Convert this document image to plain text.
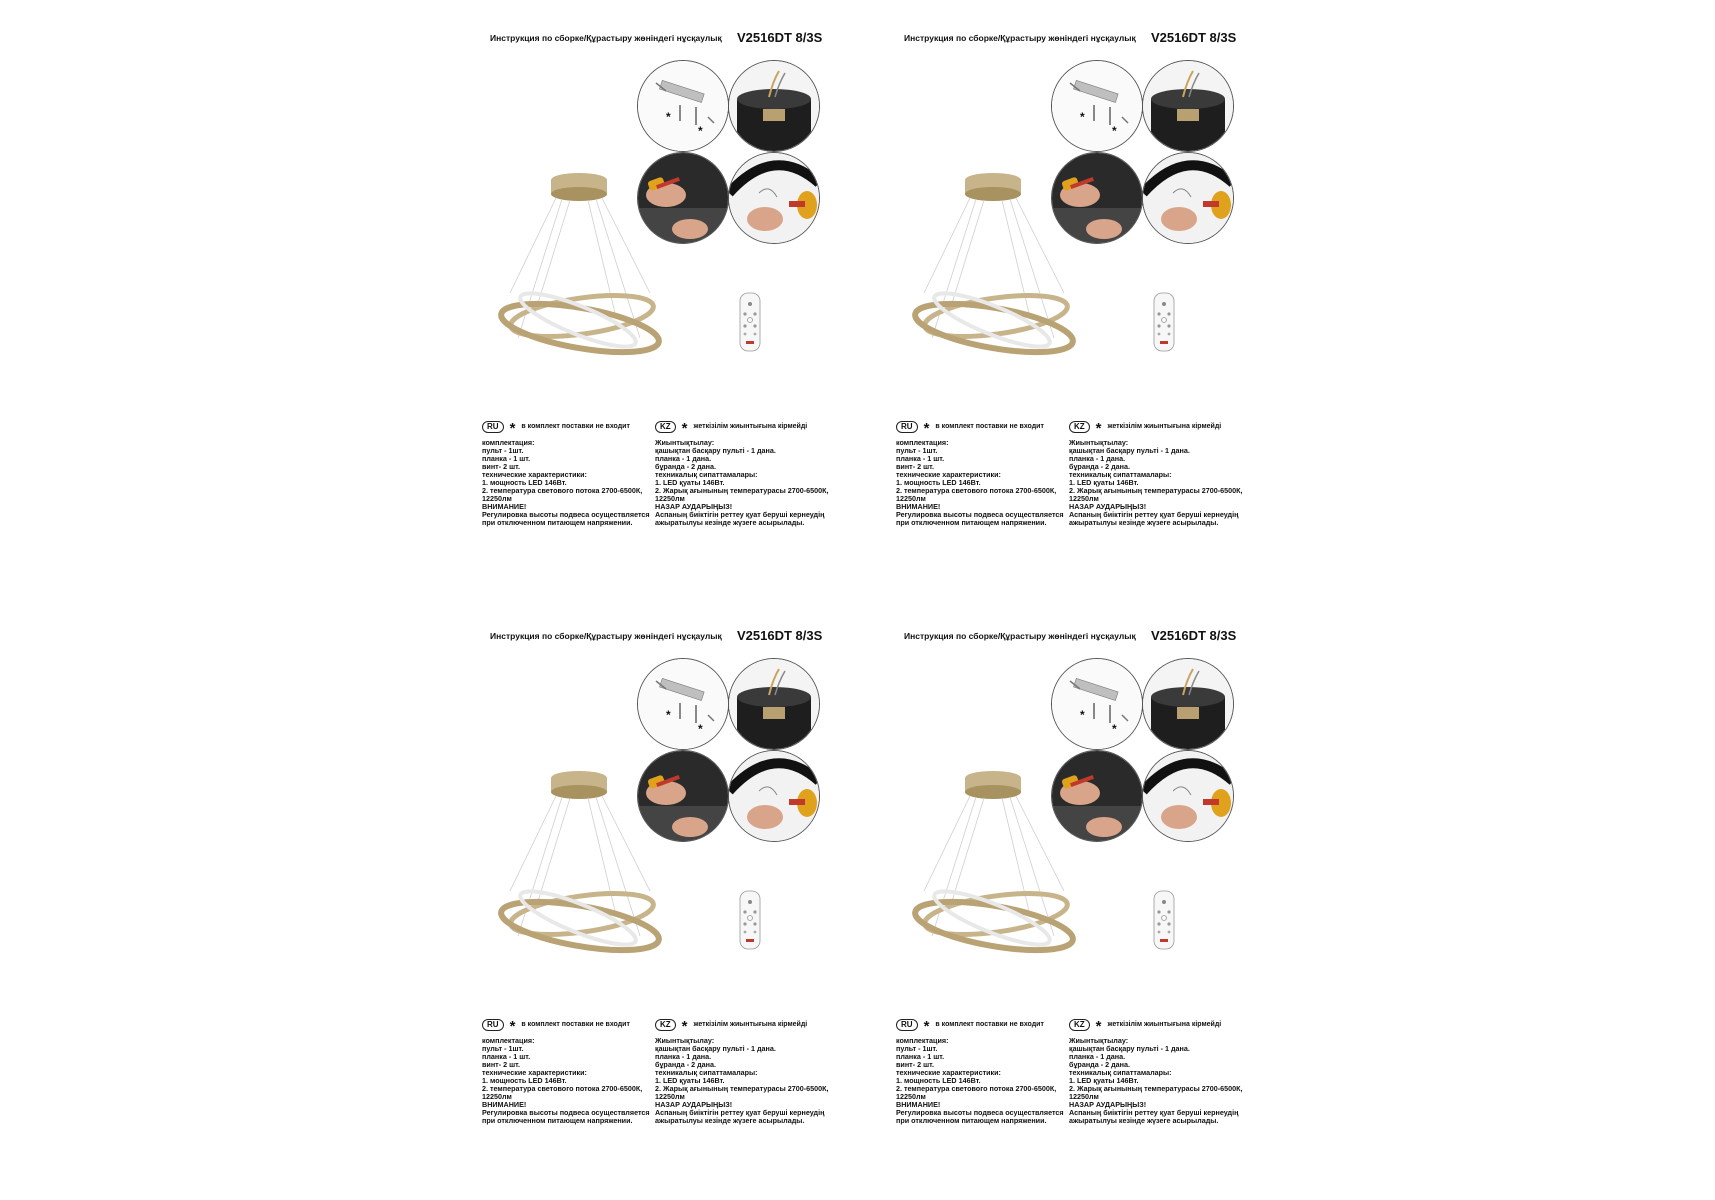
Инструкция по сборке/Құрастыру жөніндегі нұсқаулық V2516DT 8/3S
*
*
RU * в комплект поставки не входит
комплектация:
пульт - 1шт.
планка - 1 шт.
винт- 2 шт.
технические характеристики:
1. мощность LED 146Вт.
2. температура светового потока 2700-6500К,
12250лм
ВНИМАНИЕ!
Регулировка высоты подвеса осуществляется
при отключенном питающем напряжении.
KZ * жеткізілім жиынтығына кірмейді
Жиынтықтылау:
қашықтан басқару пульті - 1 дана.
планка - 1 дана.
бұранда - 2 дана.
техникалық сипаттамалары:
1. LED қуаты 146Вт.
2. Жарық ағынының температурасы 2700-6500К,
12250лм
НАЗАР АУДАРЫҢЫЗ!
Аспаның биіктігін реттеу қуат беруші кернеудің
ажыратылуы кезінде жүзеге асырылады.
Инструкция по сборке/Құрастыру жөніндегі нұсқаулық V2516DT 8/3S
*
*
RU * в комплект поставки не входит
комплектация:
пульт - 1шт.
планка - 1 шт.
винт- 2 шт.
технические характеристики:
1. мощность LED 146Вт.
2. температура светового потока 2700-6500К,
12250лм
ВНИМАНИЕ!
Регулировка высоты подвеса осуществляется
при отключенном питающем напряжении.
KZ * жеткізілім жиынтығына кірмейді
Жиынтықтылау:
қашықтан басқару пульті - 1 дана.
планка - 1 дана.
бұранда - 2 дана.
техникалық сипаттамалары:
1. LED қуаты 146Вт.
2. Жарық ағынының температурасы 2700-6500К,
12250лм
НАЗАР АУДАРЫҢЫЗ!
Аспаның биіктігін реттеу қуат беруші кернеудің
ажыратылуы кезінде жүзеге асырылады.
Инструкция по сборке/Құрастыру жөніндегі нұсқаулық V2516DT 8/3S
*
*
RU * в комплект поставки не входит
комплектация:
пульт - 1шт.
планка - 1 шт.
винт- 2 шт.
технические характеристики:
1. мощность LED 146Вт.
2. температура светового потока 2700-6500К,
12250лм
ВНИМАНИЕ!
Регулировка высоты подвеса осуществляется
при отключенном питающем напряжении.
KZ * жеткізілім жиынтығына кірмейді
Жиынтықтылау:
қашықтан басқару пульті - 1 дана.
планка - 1 дана.
бұранда - 2 дана.
техникалық сипаттамалары:
1. LED қуаты 146Вт.
2. Жарық ағынының температурасы 2700-6500К,
12250лм
НАЗАР АУДАРЫҢЫЗ!
Аспаның биіктігін реттеу қуат беруші кернеудің
ажыратылуы кезінде жүзеге асырылады.
Инструкция по сборке/Құрастыру жөніндегі нұсқаулық V2516DT 8/3S
*
*
RU * в комплект поставки не входит
комплектация:
пульт - 1шт.
планка - 1 шт.
винт- 2 шт.
технические характеристики:
1. мощность LED 146Вт.
2. температура светового потока 2700-6500К,
12250лм
ВНИМАНИЕ!
Регулировка высоты подвеса осуществляется
при отключенном питающем напряжении.
KZ * жеткізілім жиынтығына кірмейді
Жиынтықтылау:
қашықтан басқару пульті - 1 дана.
планка - 1 дана.
бұранда - 2 дана.
техникалық сипаттамалары:
1. LED қуаты 146Вт.
2. Жарық ағынының температурасы 2700-6500К,
12250лм
НАЗАР АУДАРЫҢЫЗ!
Аспаның биіктігін реттеу қуат беруші кернеудің
ажыратылуы кезінде жүзеге асырылады.
